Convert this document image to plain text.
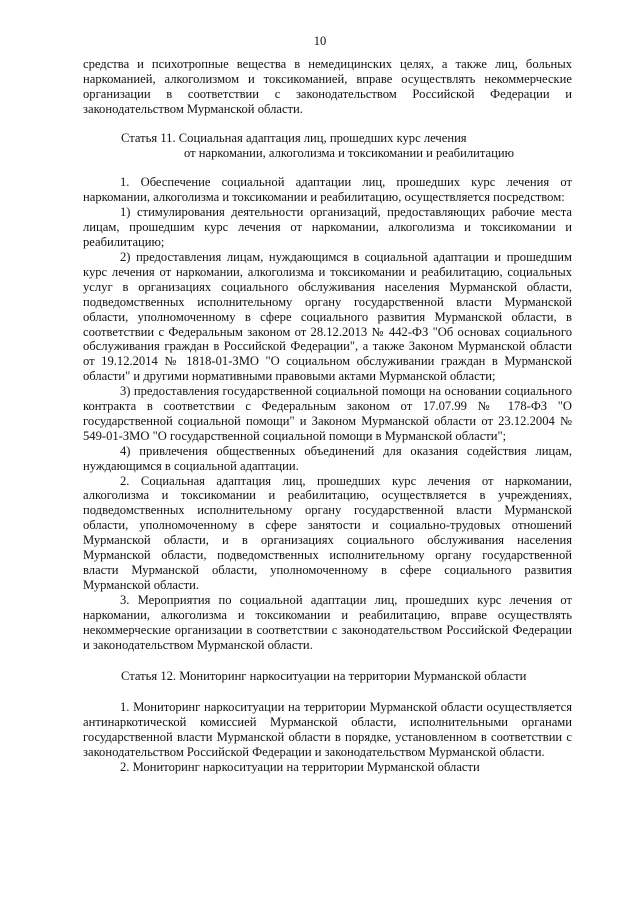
10

средства и психотропные вещества в немедицинских целях, а также лиц, больных наркоманией, алкоголизмом и токсикоманией, вправе осуществлять некоммерческие организации в соответствии с законодательством Российской Федерации и законодательством Мурманской области.

Статья 11. Социальная адаптация лиц, прошедших курс лечения

от наркомании, алкоголизма и токсикомании и реабилитацию

1. Обеспечение социальной адаптации лиц, прошедших курс лечения от наркомании, алкоголизма и токсикомании и реабилитацию, осуществляется посредством:

1) стимулирования деятельности организаций, предоставляющих рабочие места лицам, прошедшим курс лечения от наркомании, алкоголизма и токсикомании и реабилитацию;

2) предоставления лицам, нуждающимся в социальной адаптации и прошедшим курс лечения от наркомании, алкоголизма и токсикомании и реабилитацию, социальных услуг в организациях социального обслуживания населения Мурманской области, подведомственных исполнительному органу государственной власти Мурманской области, уполномоченному в сфере социального развития Мурманской области, в соответствии с Федеральным законом от 28.12.2013 № 442-ФЗ "Об основах социального обслуживания граждан в Российской Федерации", а также Законом Мурманской области от 19.12.2014 № 1818-01-ЗМО "О социальном обслуживании граждан в Мурманской области" и другими нормативными правовыми актами Мурманской области;

3) предоставления государственной социальной помощи на основании социального контракта в соответствии с Федеральным законом от 17.07.99 № 178-ФЗ "О государственной социальной помощи" и Законом Мурманской области от 23.12.2004 № 549-01-ЗМО "О государственной социальной помощи в Мурманской области";

4) привлечения общественных объединений для оказания содействия лицам, нуждающимся в социальной адаптации.

2. Социальная адаптация лиц, прошедших курс лечения от наркомании, алкоголизма и токсикомании и реабилитацию, осуществляется в учреждениях, подведомственных исполнительному органу государственной власти Мурманской области, уполномоченному в сфере занятости и социально-трудовых отношений Мурманской области, и в организациях социального обслуживания населения Мурманской области, подведомственных исполнительному органу государственной власти Мурманской области, уполномоченному в сфере социального развития Мурманской области.

3. Мероприятия по социальной адаптации лиц, прошедших курс лечения от наркомании, алкоголизма и токсикомании и реабилитацию, вправе осуществлять некоммерческие организации в соответствии с законодательством Российской Федерации и законодательством Мурманской области.

Статья 12. Мониторинг наркоситуации на территории Мурманской области

1. Мониторинг наркоситуации на территории Мурманской области осуществляется антинаркотической комиссией Мурманской области, исполнительными органами государственной власти Мурманской области в порядке, установленном в соответствии с законодательством Российской Федерации и законодательством Мурманской области.

2. Мониторинг наркоситуации на территории Мурманской области
